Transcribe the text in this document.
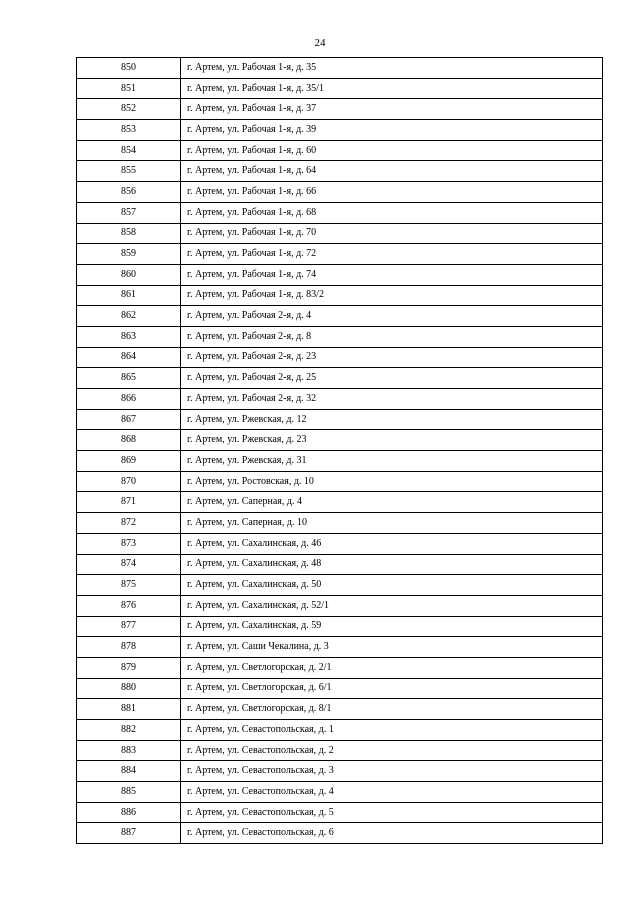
24
850	г. Артем, ул. Рабочая 1-я, д. 35
851	г. Артем, ул. Рабочая 1-я, д. 35/1
852	г. Артем, ул. Рабочая 1-я, д. 37
853	г. Артем, ул. Рабочая 1-я, д. 39
854	г. Артем, ул. Рабочая 1-я, д. 60
855	г. Артем, ул. Рабочая 1-я, д. 64
856	г. Артем, ул. Рабочая 1-я, д. 66
857	г. Артем, ул. Рабочая 1-я, д. 68
858	г. Артем, ул. Рабочая 1-я, д. 70
859	г. Артем, ул. Рабочая 1-я, д. 72
860	г. Артем, ул. Рабочая 1-я, д. 74
861	г. Артем, ул. Рабочая 1-я, д. 83/2
862	г. Артем, ул. Рабочая 2-я, д. 4
863	г. Артем, ул. Рабочая 2-я, д. 8
864	г. Артем, ул. Рабочая 2-я, д. 23
865	г. Артем, ул. Рабочая 2-я, д. 25
866	г. Артем, ул. Рабочая 2-я, д. 32
867	г. Артем, ул. Ржевская, д. 12
868	г. Артем, ул. Ржевская, д. 23
869	г. Артем, ул. Ржевская, д. 31
870	г. Артем, ул. Ростовская, д. 10
871	г. Артем, ул. Саперная, д. 4
872	г. Артем, ул. Саперная, д. 10
873	г. Артем, ул. Сахалинская, д. 46
874	г. Артем, ул. Сахалинская, д. 48
875	г. Артем, ул. Сахалинская, д. 50
876	г. Артем, ул. Сахалинская, д. 52/1
877	г. Артем, ул. Сахалинская, д. 59
878	г. Артем, ул. Саши Чекалина, д. 3
879	г. Артем, ул. Светлогорская, д. 2/1
880	г. Артем, ул. Светлогорская, д. 6/1
881	г. Артем, ул. Светлогорская, д. 8/1
882	г. Артем, ул. Севастопольская, д. 1
883	г. Артем, ул. Севастопольская, д. 2
884	г. Артем, ул. Севастопольская, д. 3
885	г. Артем, ул. Севастопольская, д. 4
886	г. Артем, ул. Севастопольская, д. 5
887	г. Артем, ул. Севастопольская, д. 6
